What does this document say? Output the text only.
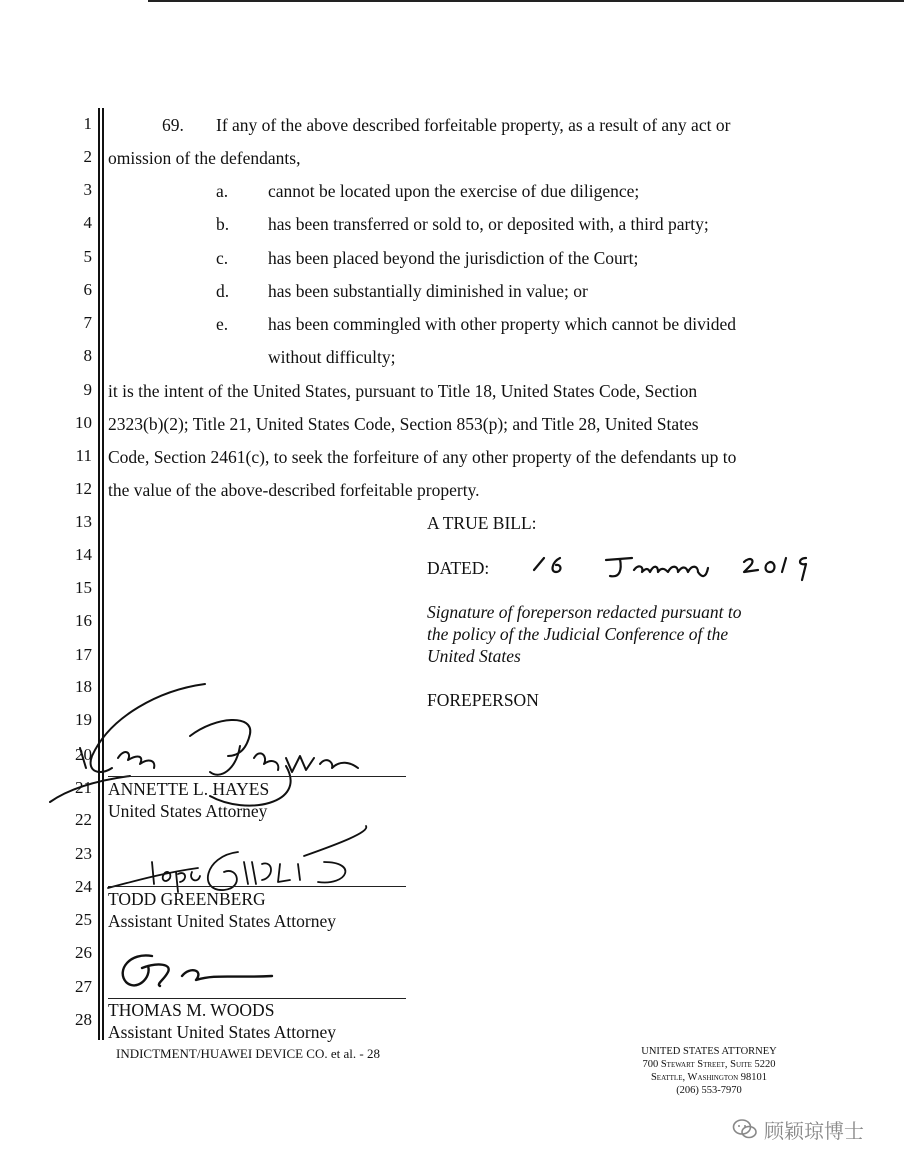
1
2
3
4
5
6
7
8
9
10
11
12
13
14
15
16
17
18
19
20
21
22
23
24
25
26
27
28
69. If any of the above described forfeitable property, as a result of any act or
omission of the defendants,
a. cannot be located upon the exercise of due diligence;
b. has been transferred or sold to, or deposited with, a third party;
c. has been placed beyond the jurisdiction of the Court;
d. has been substantially diminished in value; or
e. has been commingled with other property which cannot be divided
without difficulty;
it is the intent of the United States, pursuant to Title 18, United States Code, Section
2323(b)(2); Title 21, United States Code, Section 853(p); and Title 28, United States
Code, Section 2461(c), to seek the forfeiture of any other property of the defendants up to
the value of the above-described forfeitable property.
A TRUE BILL:
DATED:
Signature of foreperson redacted pursuant to
the policy of the Judicial Conference of the
United States
FOREPERSON
ANNETTE L. HAYES
United States Attorney
TODD GREENBERG
Assistant United States Attorney
THOMAS M. WOODS
Assistant United States Attorney
INDICTMENT/HUAWEI DEVICE CO. et al. - 28	UNITED STATES ATTORNEY
700 Stewart Street, Suite 5220
Seattle, Washington 98101
(206) 553-7970
顾颖琼博士
